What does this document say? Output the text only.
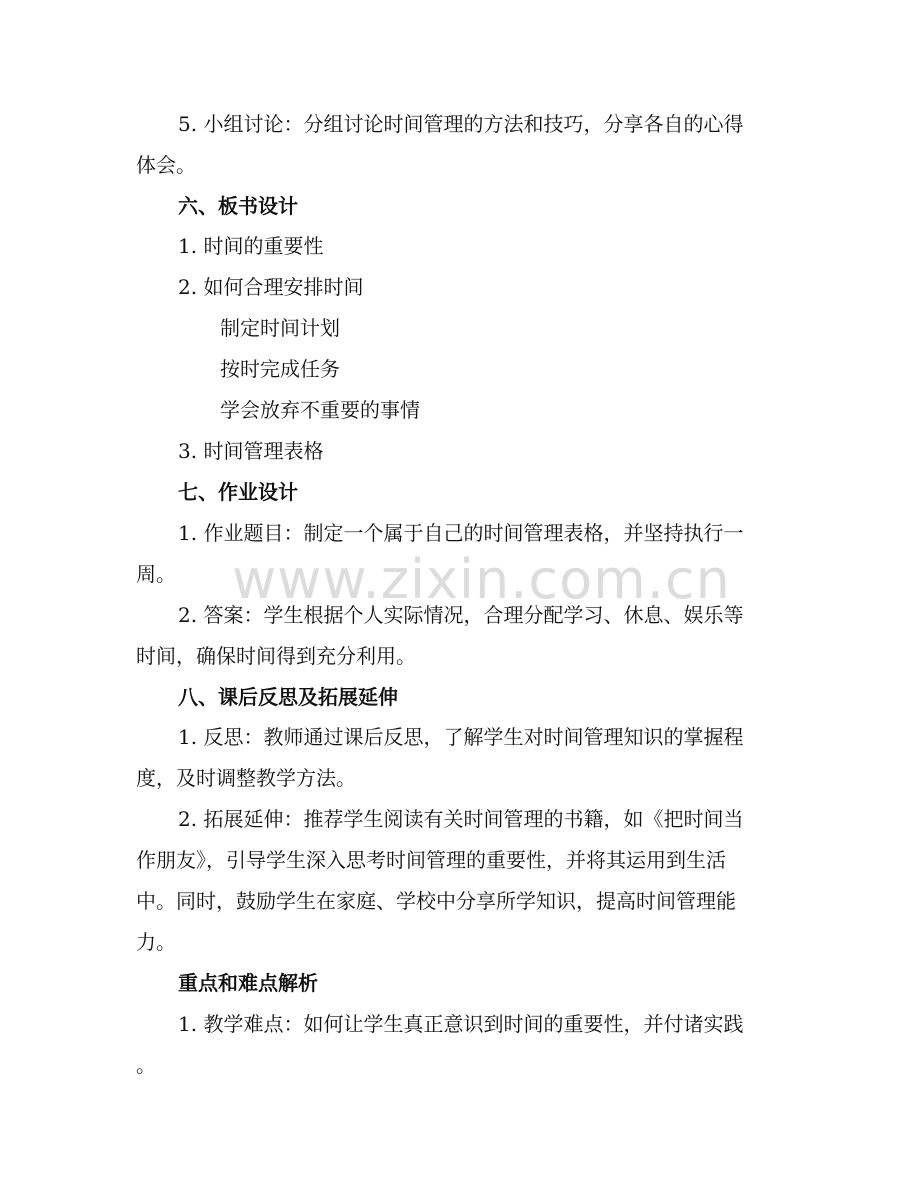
www.zixin.com.cn
5. 小组讨论：分组讨论时间管理的方法和技巧，分享各自的心得
体会。
六、板书设计
1. 时间的重要性
2. 如何合理安排时间
制定时间计划
按时完成任务
学会放弃不重要的事情
3. 时间管理表格
七、作业设计
1. 作业题目：制定一个属于自己的时间管理表格，并坚持执行一
周。
2. 答案：学生根据个人实际情况，合理分配学习、休息、娱乐等
时间，确保时间得到充分利用。
八、课后反思及拓展延伸
1. 反思：教师通过课后反思，了解学生对时间管理知识的掌握程
度，及时调整教学方法。
2. 拓展延伸：推荐学生阅读有关时间管理的书籍，如《把时间当
作朋友》，引导学生深入思考时间管理的重要性，并将其运用到生活
中。同时，鼓励学生在家庭、学校中分享所学知识，提高时间管理能
力。
重点和难点解析
1. 教学难点：如何让学生真正意识到时间的重要性，并付诸实践
。
